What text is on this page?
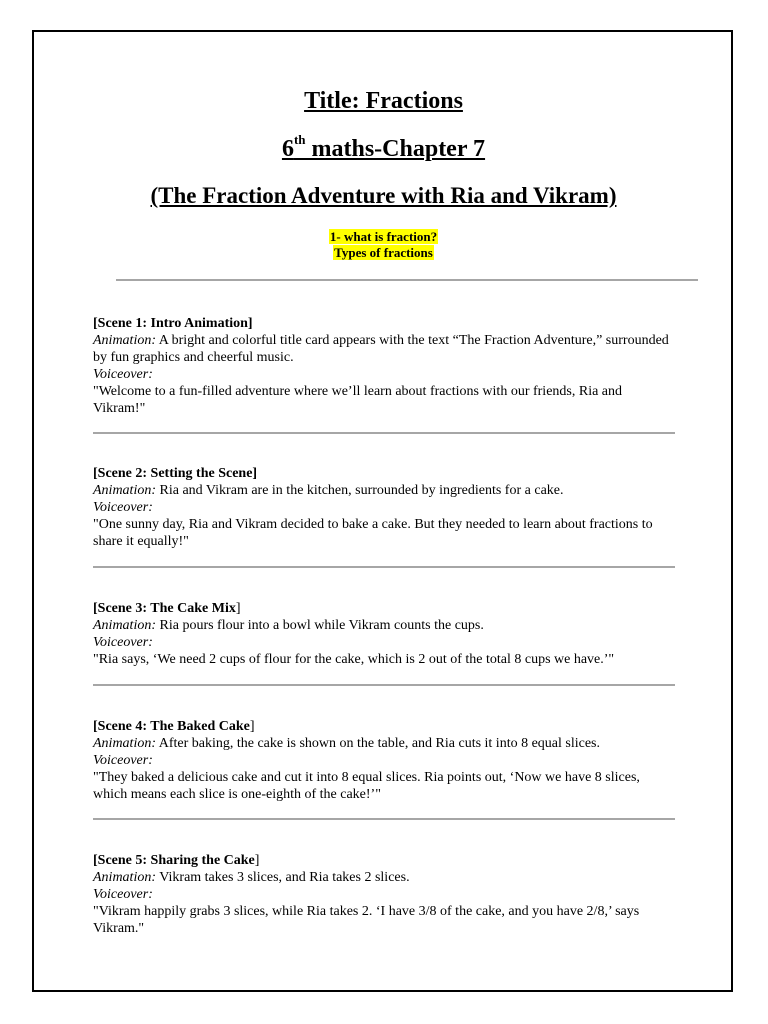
Title: Fractions
6th maths-Chapter 7
(The Fraction Adventure with Ria and Vikram)
1- what is fraction?
Types of fractions
[Scene 1: Intro Animation]
Animation: A bright and colorful title card appears with the text “The Fraction Adventure,” surrounded by fun graphics and cheerful music.
Voiceover:
"Welcome to a fun-filled adventure where we’ll learn about fractions with our friends, Ria and Vikram!"
[Scene 2: Setting the Scene]
Animation: Ria and Vikram are in the kitchen, surrounded by ingredients for a cake.
Voiceover:
"One sunny day, Ria and Vikram decided to bake a cake. But they needed to learn about fractions to share it equally!"
[Scene 3: The Cake Mix]
Animation: Ria pours flour into a bowl while Vikram counts the cups.
Voiceover:
"Ria says, ‘We need 2 cups of flour for the cake, which is 2 out of the total 8 cups we have.’"
[Scene 4: The Baked Cake]
Animation: After baking, the cake is shown on the table, and Ria cuts it into 8 equal slices.
Voiceover:
"They baked a delicious cake and cut it into 8 equal slices. Ria points out, ‘Now we have 8 slices, which means each slice is one-eighth of the cake!’"
[Scene 5: Sharing the Cake]
Animation: Vikram takes 3 slices, and Ria takes 2 slices.
Voiceover:
"Vikram happily grabs 3 slices, while Ria takes 2. ‘I have 3/8 of the cake, and you have 2/8,’ says Vikram."
